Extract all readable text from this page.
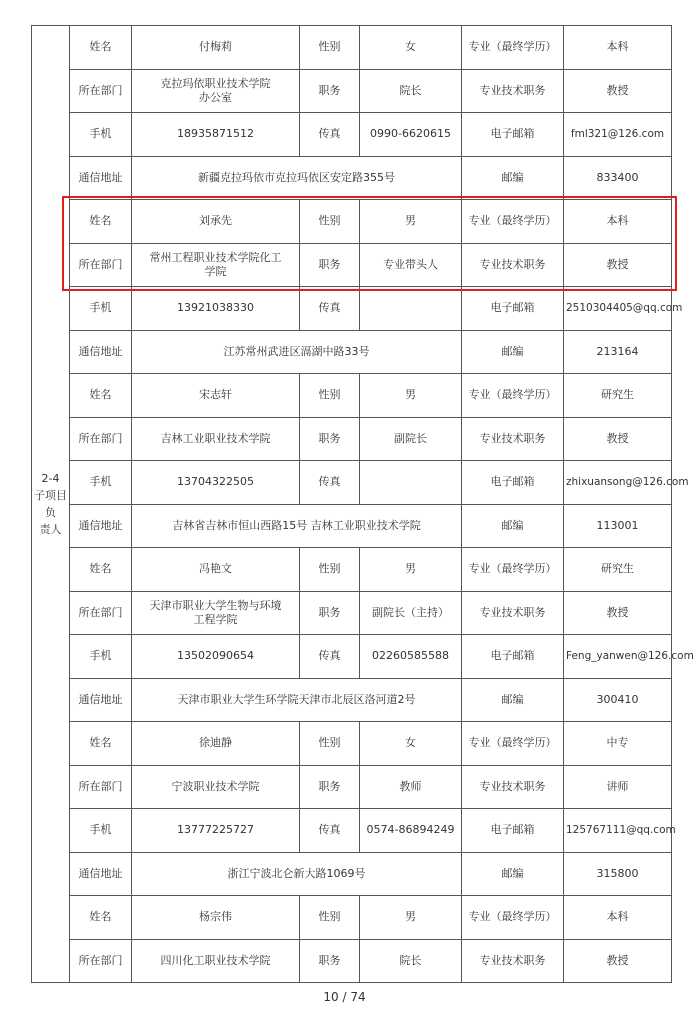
2-4
子项目负
责人	姓名	付梅莉	性别	女	专业（最终学历）	本科
	所在部门	克拉玛依职业技术学院
办公室	职务	院长	专业技术职务	教授
	手机	18935871512	传真	0990-6620615	电子邮箱	fml321@126.com
	通信地址	新疆克拉玛依市克拉玛依区安定路355号			邮编	833400
	姓名	刘承先	性别	男	专业（最终学历）	本科
	所在部门	常州工程职业技术学院化工
学院	职务	专业带头人	专业技术职务	教授
	手机	13921038330	传真		电子邮箱	2510304405@qq.com
	通信地址	江苏常州武进区滆湖中路33号			邮编	213164
	姓名	宋志轩	性别	男	专业（最终学历）	研究生
	所在部门	吉林工业职业技术学院	职务	副院长	专业技术职务	教授
	手机	13704322505	传真		电子邮箱	zhixuansong@126.com
	通信地址	吉林省吉林市恒山西路15号 吉林工业职业技术学院			邮编	113001
	姓名	冯艳文	性别	男	专业（最终学历）	研究生
	所在部门	天津市职业大学生物与环境
工程学院	职务	副院长（主持）	专业技术职务	教授
	手机	13502090654	传真	02260585588	电子邮箱	Feng_yanwen@126.com
	通信地址	天津市职业大学生环学院天津市北辰区洛河道2号			邮编	300410
	姓名	徐迪静	性别	女	专业（最终学历）	中专
	所在部门	宁波职业技术学院	职务	教师	专业技术职务	讲师
	手机	13777225727	传真	0574-86894249	电子邮箱	125767111@qq.com
	通信地址	浙江宁波北仑新大路1069号			邮编	315800
	姓名	杨宗伟	性别	男	专业（最终学历）	本科
	所在部门	四川化工职业技术学院	职务	院长	专业技术职务	教授
10 / 74
